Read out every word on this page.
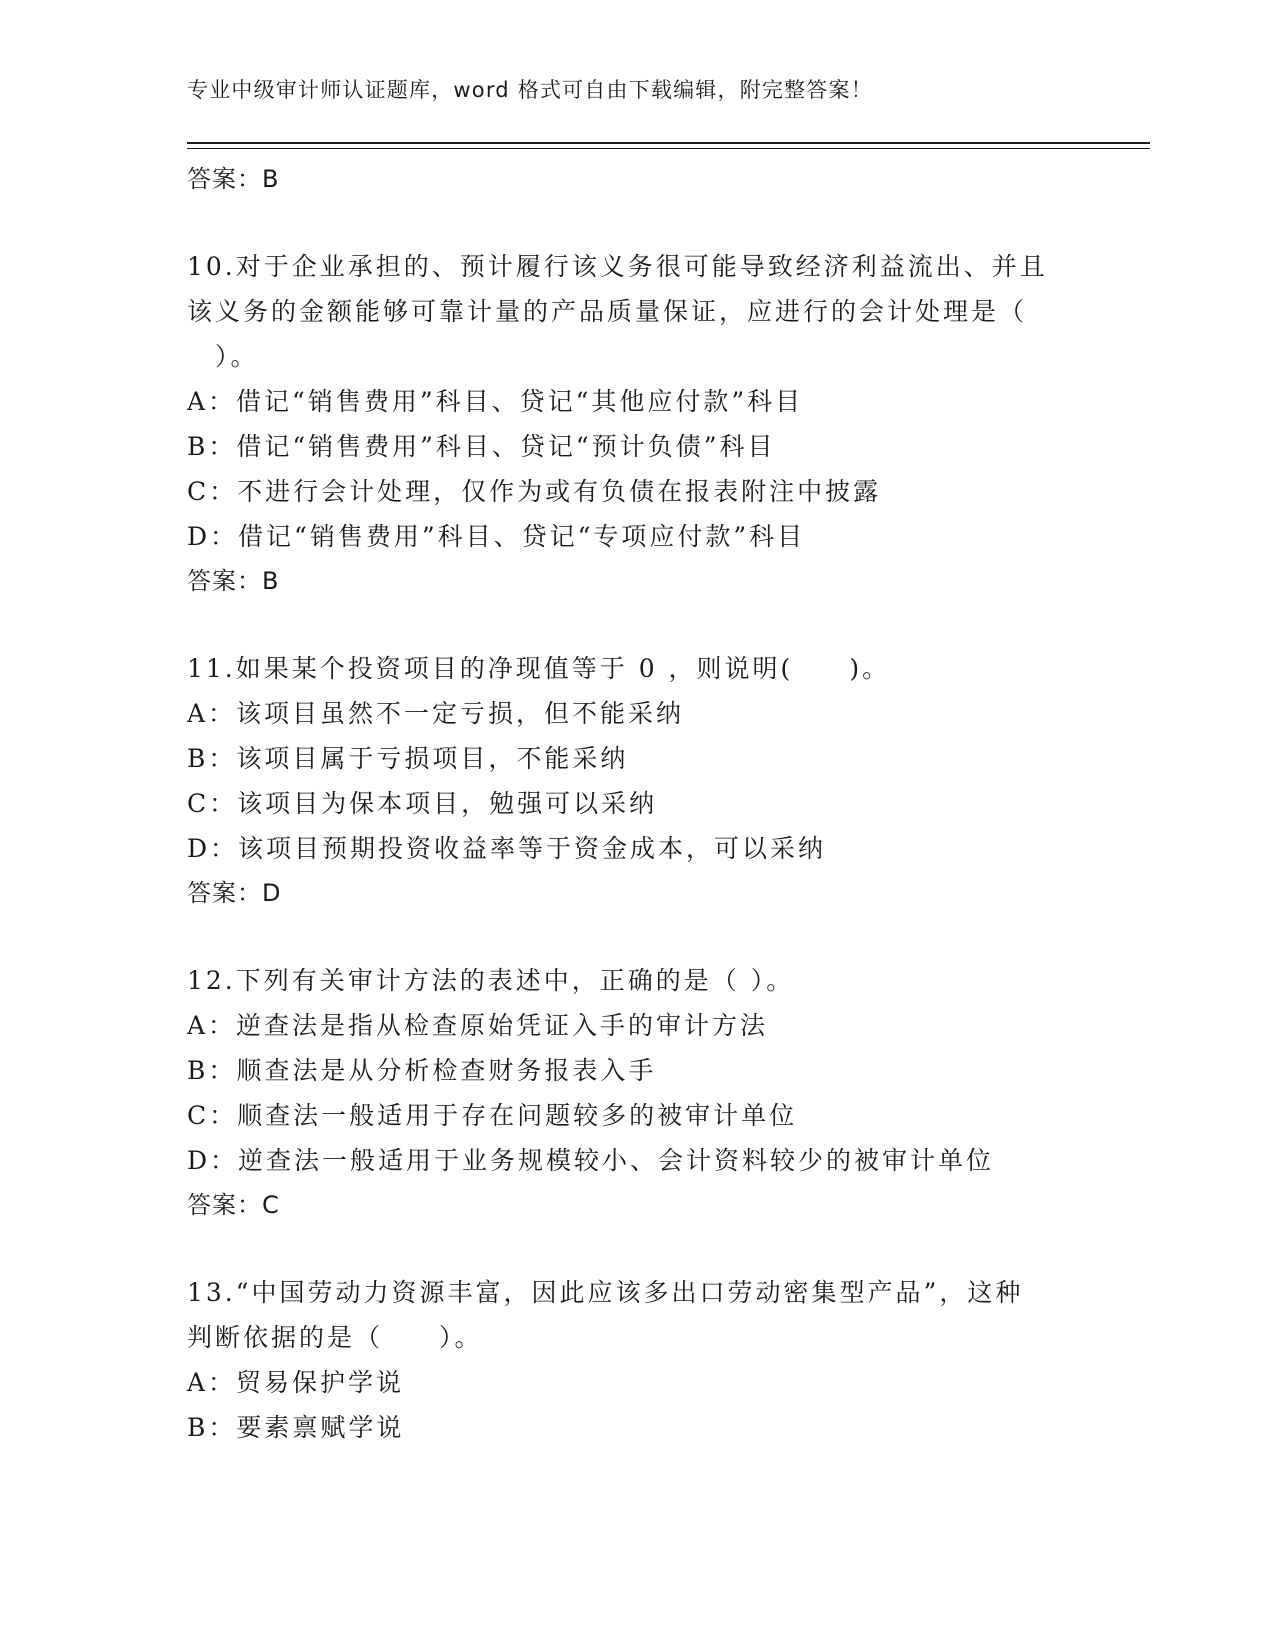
专业中级审计师认证题库，word 格式可自由下载编辑，附完整答案！
答案：B
10.对于企业承担的、预计履行该义务很可能导致经济利益流出、并且
该义务的金额能够可靠计量的产品质量保证，应进行的会计处理是（
　）。
A：借记“销售费用”科目、贷记“其他应付款”科目
B：借记“销售费用”科目、贷记“预计负债”科目
C：不进行会计处理，仅作为或有负债在报表附注中披露
D：借记“销售费用”科目、贷记“专项应付款”科目
答案：B
11.如果某个投资项目的净现值等于 0 ，则说明(　　)。
A：该项目虽然不一定亏损，但不能采纳
B：该项目属于亏损项目，不能采纳
C：该项目为保本项目，勉强可以采纳
D：该项目预期投资收益率等于资金成本，可以采纳
答案：D
12.下列有关审计方法的表述中，正确的是（ ）。
A：逆查法是指从检查原始凭证入手的审计方法
B：顺查法是从分析检查财务报表入手
C：顺查法一般适用于存在问题较多的被审计单位
D：逆查法一般适用于业务规模较小、会计资料较少的被审计单位
答案：C
13.“中国劳动力资源丰富，因此应该多出口劳动密集型产品”，这种
判断依据的是（　　）。
A：贸易保护学说
B：要素禀赋学说
